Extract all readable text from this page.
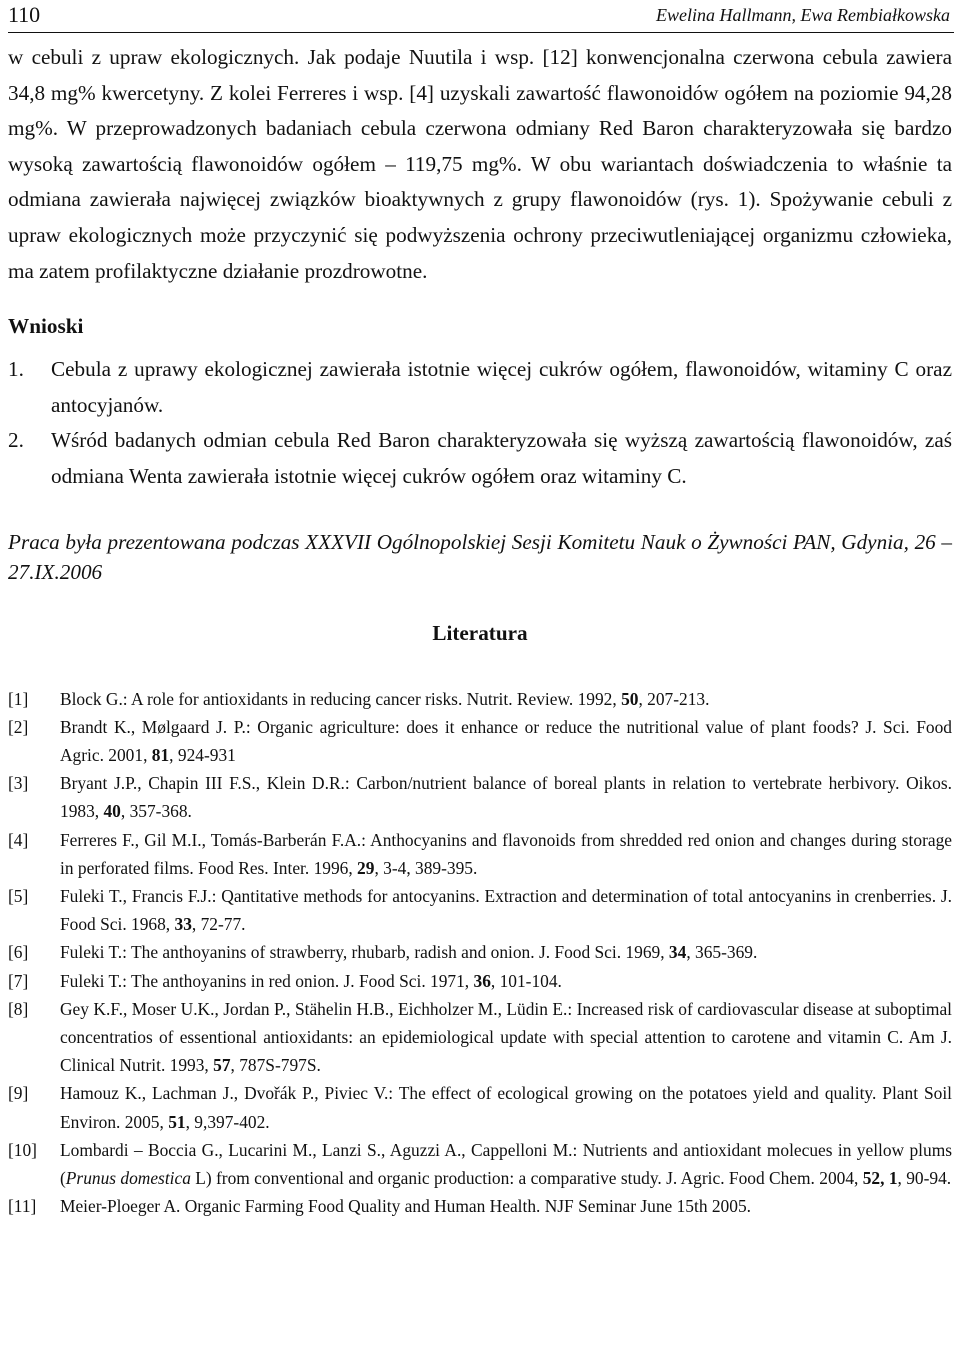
110	Ewelina Hallmann, Ewa Rembiałkowska

w cebuli z upraw ekologicznych. Jak podaje Nuutila i wsp. [12] konwencjonalna czerwona cebula zawiera 34,8 mg% kwercetyny. Z kolei Ferreres i wsp. [4] uzyskali zawartość flawonoidów ogółem na poziomie 94,28 mg%. W przeprowadzonych badaniach cebula czerwona odmiany Red Baron charakteryzowała się bardzo wysoką zawartością flawonoidów ogółem – 119,75 mg%. W obu wariantach doświadczenia to właśnie ta odmiana zawierała najwięcej związków bioaktywnych z grupy flawonoidów (rys. 1). Spożywanie cebuli z upraw ekologicznych może przyczynić się podwyższenia ochrony przeciwutleniającej organizmu człowieka, ma zatem profilaktyczne działanie prozdrowotne.

Wnioski
1.	Cebula z uprawy ekologicznej zawierała istotnie więcej cukrów ogółem, flawonoidów, witaminy C oraz antocyjanów.
2.	Wśród badanych odmian cebula Red Baron charakteryzowała się wyższą zawartością flawonoidów, zaś odmiana Wenta zawierała istotnie więcej cukrów ogółem oraz witaminy C.

Praca była prezentowana podczas XXXVII Ogólnopolskiej Sesji Komitetu Nauk o Żywności PAN, Gdynia, 26 – 27.IX.2006

Literatura
[1]	Block G.: A role for antioxidants in reducing cancer risks. Nutrit. Review. 1992, 50, 207-213.
[2]	Brandt K., Mølgaard J. P.: Organic agriculture: does it enhance or reduce the nutritional value of plant foods? J. Sci. Food Agric. 2001, 81, 924-931
[3]	Bryant J.P., Chapin III F.S., Klein D.R.: Carbon/nutrient balance of boreal plants in relation to vertebrate herbivory. Oikos. 1983, 40, 357-368.
[4]	Ferreres F., Gil M.I., Tomás-Barberán F.A.: Anthocyanins and flavonoids from shredded red onion and changes during storage in perforated films. Food Res. Inter. 1996, 29, 3-4, 389-395.
[5]	Fuleki T., Francis F.J.: Qantitative methods for antocyanins. Extraction and determination of total antocyanins in crenberries. J. Food Sci. 1968, 33, 72-77.
[6]	Fuleki T.: The anthoyanins of strawberry, rhubarb, radish and onion. J. Food Sci. 1969, 34, 365-369.
[7]	Fuleki T.: The anthoyanins in red onion. J. Food Sci. 1971, 36, 101-104.
[8]	Gey K.F., Moser U.K., Jordan P., Stähelin H.B., Eichholzer M., Lüdin E.: Increased risk of cardiovascular disease at suboptimal concentratios of essentional antioxidants: an epidemiological update with special attention to carotene and vitamin C. Am J. Clinical Nutrit. 1993, 57, 787S-797S.
[9]	Hamouz K., Lachman J., Dvořák P., Piviec V.: The effect of ecological growing on the potatoes yield and quality. Plant Soil Environ. 2005, 51, 9,397-402.
[10]	Lombardi – Boccia G., Lucarini M., Lanzi S., Aguzzi A., Cappelloni M.: Nutrients and antioxidant molecues in yellow plums (Prunus domestica L) from conventional and organic production: a comparative study. J. Agric. Food Chem. 2004, 52, 1, 90-94.
[11]	Meier-Ploeger A. Organic Farming Food Quality and Human Health. NJF Seminar June 15th 2005.
